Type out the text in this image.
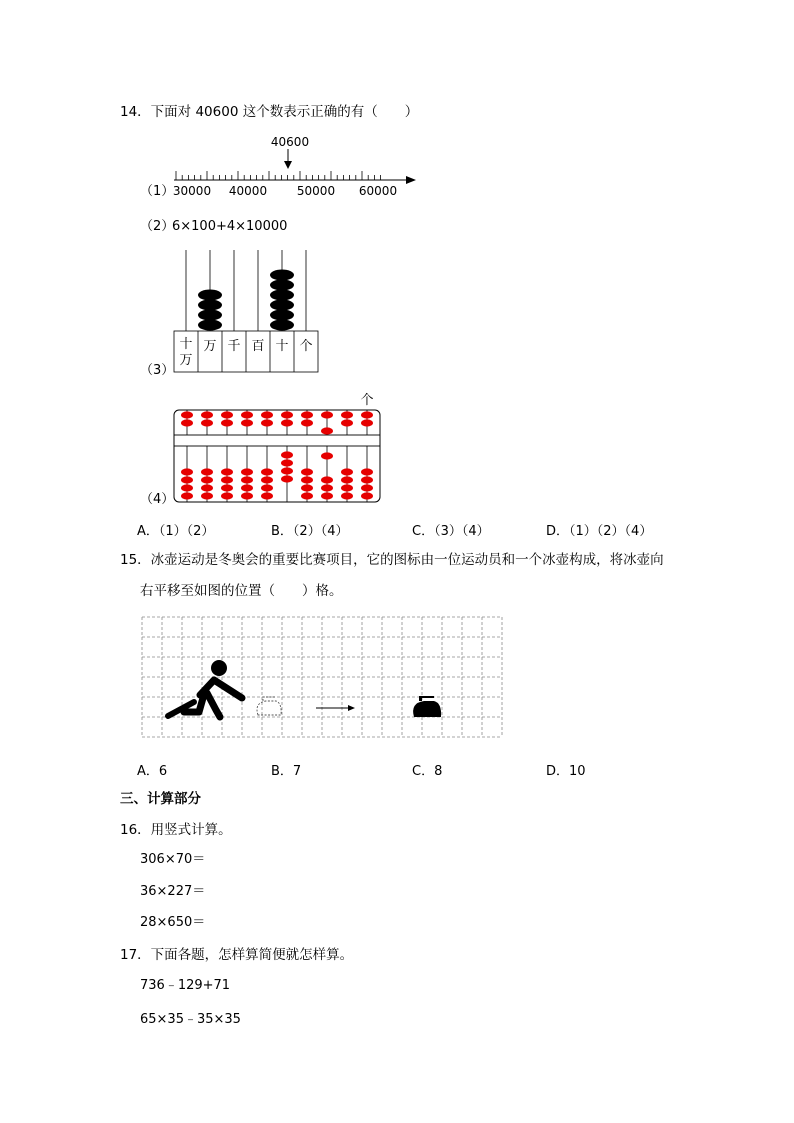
14．下面对 40600 这个数表示正确的有（　　）
（1）
40600
30000 40000 50000 60000
（2）
6×100+4×10000
（3）
十万
万 千 百 十 个
（4）
个
A．（1）（2）	B．（2）（4）	C．（3）（4）	D．（1）（2）（4）
15．冰壶运动是冬奥会的重要比赛项目，它的图标由一位运动员和一个冰壶构成，将冰壶向
右平移至如图的位置（　　）格。
A．6	B．7	C．8	D．10
三、计算部分
16．用竖式计算。
306×70＝
36×227＝
28×650＝
17．下面各题，怎样算简便就怎样算。
736﹣129+71
65×35﹣35×35
